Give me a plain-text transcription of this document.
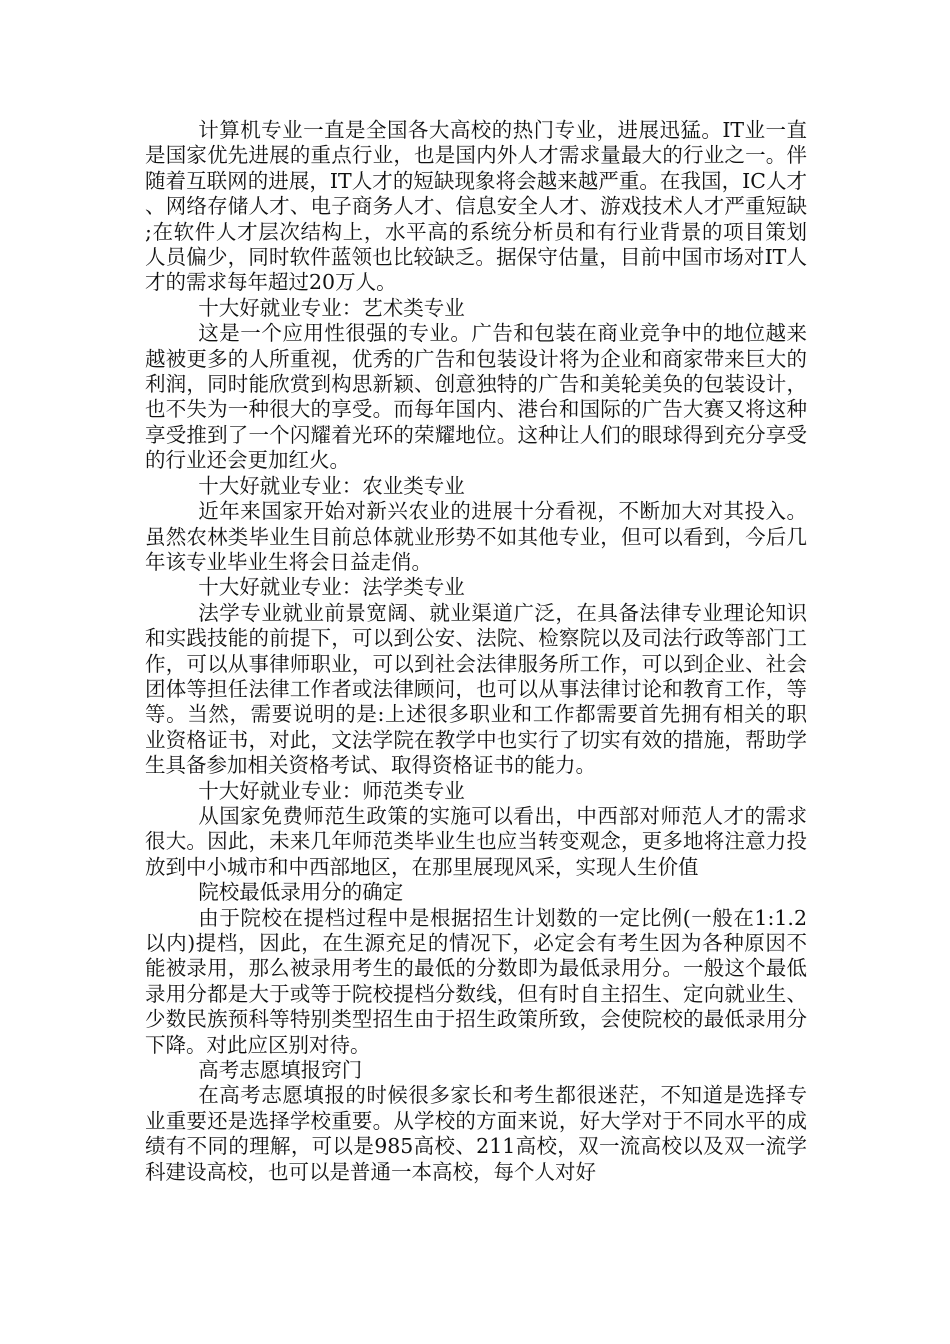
计算机专业一直是全国各大高校的热门专业，进展迅猛。IT业一直是国家优先进展的重点行业，也是国内外人才需求量最大的行业之一。伴随着互联网的进展，IT人才的短缺现象将会越来越严重。在我国，IC人才、网络存储人才、电子商务人才、信息安全人才、游戏技术人才严重短缺;在软件人才层次结构上，水平高的系统分析员和有行业背景的项目策划人员偏少，同时软件蓝领也比较缺乏。据保守估量，目前中国市场对IT人才的需求每年超过20万人。

十大好就业专业：艺术类专业

这是一个应用性很强的专业。广告和包装在商业竞争中的地位越来越被更多的人所重视，优秀的广告和包装设计将为企业和商家带来巨大的利润，同时能欣赏到构思新颖、创意独特的广告和美轮美奂的包装设计，也不失为一种很大的享受。而每年国内、港台和国际的广告大赛又将这种享受推到了一个闪耀着光环的荣耀地位。这种让人们的眼球得到充分享受的行业还会更加红火。

十大好就业专业：农业类专业

近年来国家开始对新兴农业的进展十分看视，不断加大对其投入。虽然农林类毕业生目前总体就业形势不如其他专业，但可以看到，今后几年该专业毕业生将会日益走俏。

十大好就业专业：法学类专业

法学专业就业前景宽阔、就业渠道广泛，在具备法律专业理论知识和实践技能的前提下，可以到公安、法院、检察院以及司法行政等部门工作，可以从事律师职业，可以到社会法律服务所工作，可以到企业、社会团体等担任法律工作者或法律顾问，也可以从事法律讨论和教育工作，等等。当然，需要说明的是:上述很多职业和工作都需要首先拥有相关的职业资格证书，对此，文法学院在教学中也实行了切实有效的措施，帮助学生具备参加相关资格考试、取得资格证书的能力。

十大好就业专业：师范类专业

从国家免费师范生政策的实施可以看出，中西部对师范人才的需求很大。因此，未来几年师范类毕业生也应当转变观念，更多地将注意力投放到中小城市和中西部地区，在那里展现风采，实现人生价值

院校最低录用分的确定

由于院校在提档过程中是根据招生计划数的一定比例(一般在1:1.2以内)提档，因此，在生源充足的情况下，必定会有考生因为各种原因不能被录用，那么被录用考生的最低的分数即为最低录用分。一般这个最低录用分都是大于或等于院校提档分数线，但有时自主招生、定向就业生、少数民族预科等特别类型招生由于招生政策所致，会使院校的最低录用分下降。对此应区别对待。

高考志愿填报窍门

在高考志愿填报的时候很多家长和考生都很迷茫，不知道是选择专业重要还是选择学校重要。从学校的方面来说，好大学对于不同水平的成绩有不同的理解，可以是985高校、211高校，双一流高校以及双一流学科建设高校，也可以是普通一本高校，每个人对好
